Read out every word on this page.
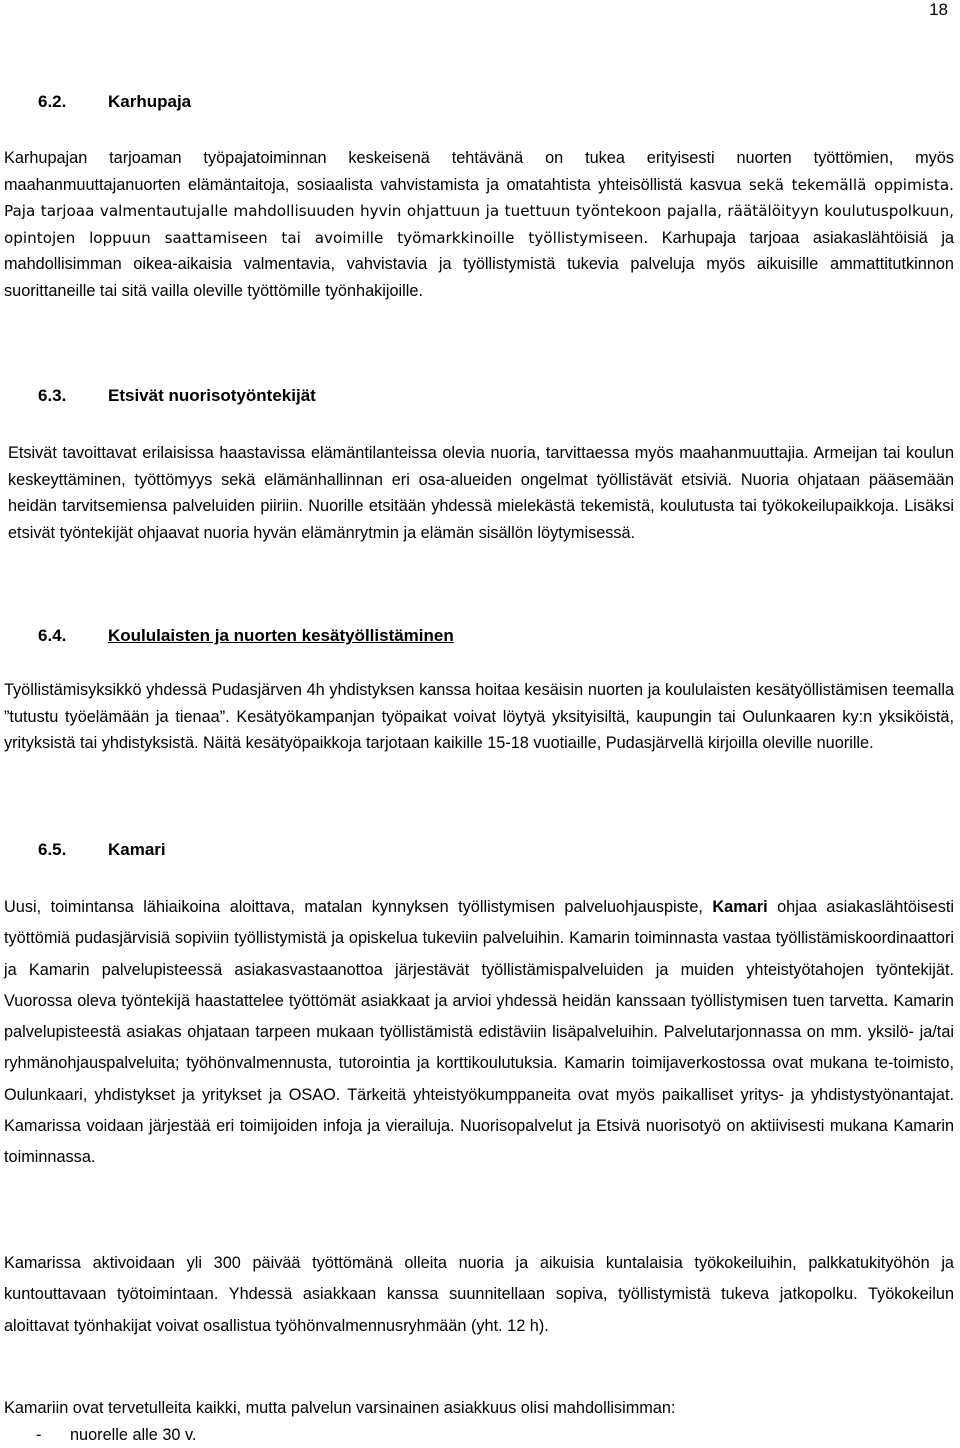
18
6.2. Karhupaja

Karhupajan tarjoaman työpajatoiminnan keskeisenä tehtävänä on tukea erityisesti nuorten työttömien, myös maahanmuuttajanuorten elämäntaitoja, sosiaalista vahvistamista ja omatahtista yhteisöllistä kasvua sekä tekemällä oppimista. Paja tarjoaa valmentautujalle mahdollisuuden hyvin ohjattuun ja tuettuun työntekoon pajalla, räätälöityyn koulutuspolkuun, opintojen loppuun saattamiseen tai avoimille työmarkkinoille työllistymiseen. Karhupaja tarjoaa asiakaslähtöisiä ja mahdollisimman oikea-aikaisia valmentavia, vahvistavia ja työllistymistä tukevia palveluja myös aikuisille ammattitutkinnon suorittaneille tai sitä vailla oleville työttömille työnhakijoille.

6.3. Etsivät nuorisotyöntekijät

Etsivät tavoittavat erilaisissa haastavissa elämäntilanteissa olevia nuoria, tarvittaessa myös maahanmuuttajia. Armeijan tai koulun keskeyttäminen, työttömyys sekä elämänhallinnan eri osa-alueiden ongelmat työllistävät etsiviä. Nuoria ohjataan pääsemään heidän tarvitsemiensa palveluiden piiriin. Nuorille etsitään yhdessä mielekästä tekemistä, koulutusta tai työkokeilupaikkoja. Lisäksi etsivät työntekijät ohjaavat nuoria hyvän elämänrytmin ja elämän sisällön löytymisessä.

6.4. Koululaisten ja nuorten kesätyöllistäminen

Työllistämisyksikkö yhdessä Pudasjärven 4h yhdistyksen kanssa hoitaa kesäisin nuorten ja koululaisten kesätyöllistämisen teemalla ”tutustu työelämään ja tienaa”. Kesätyökampanjan työpaikat voivat löytyä yksityisiltä, kaupungin tai Oulunkaaren ky:n yksiköistä, yrityksistä tai yhdistyksistä. Näitä kesätyöpaikkoja tarjotaan kaikille 15-18 vuotiaille, Pudasjärvellä kirjoilla oleville nuorille.

6.5. Kamari

Uusi, toimintansa lähiaikoina aloittava, matalan kynnyksen työllistymisen palveluohjauspiste, Kamari ohjaa asiakaslähtöisesti työttömiä pudasjärvisiä sopiviin työllistymistä ja opiskelua tukeviin palveluihin. Kamarin toiminnasta vastaa työllistämiskoordinaattori ja Kamarin palvelupisteessä asiakasvastaanottoa järjestävät työllistämispalveluiden ja muiden yhteistyötahojen työntekijät. Vuorossa oleva työntekijä haastattelee työttömät asiakkaat ja arvioi yhdessä heidän kanssaan työllistymisen tuen tarvetta. Kamarin palvelupisteestä asiakas ohjataan tarpeen mukaan työllistämistä edistäviin lisäpalveluihin. Palvelutarjonnassa on mm. yksilö- ja/tai ryhmänohjauspalveluita; työhönvalmennusta, tutorointia ja korttikoulutuksia. Kamarin toimijaverkostossa ovat mukana te-toimisto, Oulunkaari, yhdistykset ja yritykset ja OSAO. Tärkeitä yhteistyökumppaneita ovat myös paikalliset yritys- ja yhdistystyönantajat. Kamarissa voidaan järjestää eri toimijoiden infoja ja vierailuja. Nuorisopalvelut ja Etsivä nuorisotyö on aktiivisesti mukana Kamarin toiminnassa.

Kamarissa aktivoidaan yli 300 päivää työttömänä olleita nuoria ja aikuisia kuntalaisia työkokeiluihin, palkkatukityöhön ja kuntouttavaan työtoimintaan. Yhdessä asiakkaan kanssa suunnitellaan sopiva, työllistymistä tukeva jatkopolku. Työkokeilun aloittavat työnhakijat voivat osallistua työhönvalmennusryhmään (yht. 12 h).

Kamariin ovat tervetulleita kaikki, mutta palvelun varsinainen asiakkuus olisi mahdollisimman:

- nuorelle alle 30 v.
